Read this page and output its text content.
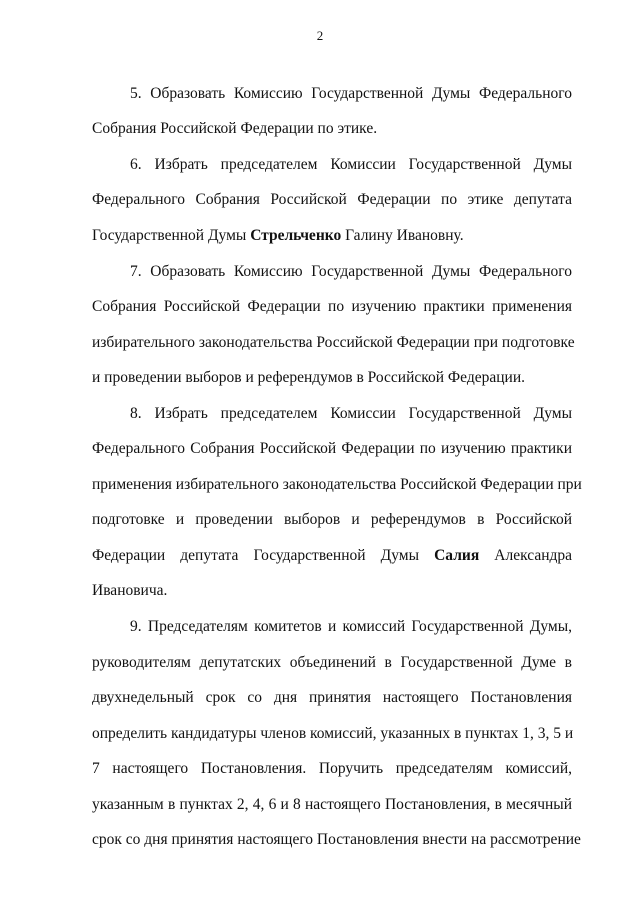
2
5. Образовать Комиссию Государственной Думы Федерального
Собрания Российской Федерации по этике.
6. Избрать председателем Комиссии Государственной Думы
Федерального Собрания Российской Федерации по этике депутата
Государственной Думы Стрельченко Галину Ивановну.
7. Образовать Комиссию Государственной Думы Федерального
Собрания Российской Федерации по изучению практики применения
избирательного законодательства Российской Федерации при подготовке
и проведении выборов и референдумов в Российской Федерации.
8. Избрать председателем Комиссии Государственной Думы
Федерального Собрания Российской Федерации по изучению практики
применения избирательного законодательства Российской Федерации при
подготовке и проведении выборов и референдумов в Российской
Федерации депутата Государственной Думы Салия Александра
Ивановича.
9. Председателям комитетов и комиссий Государственной Думы,
руководителям депутатских объединений в Государственной Думе в
двухнедельный срок со дня принятия настоящего Постановления
определить кандидатуры членов комиссий, указанных в пунктах 1, 3, 5 и
7 настоящего Постановления. Поручить председателям комиссий,
указанным в пунктах 2, 4, 6 и 8 настоящего Постановления, в месячный
срок со дня принятия настоящего Постановления внести на рассмотрение
